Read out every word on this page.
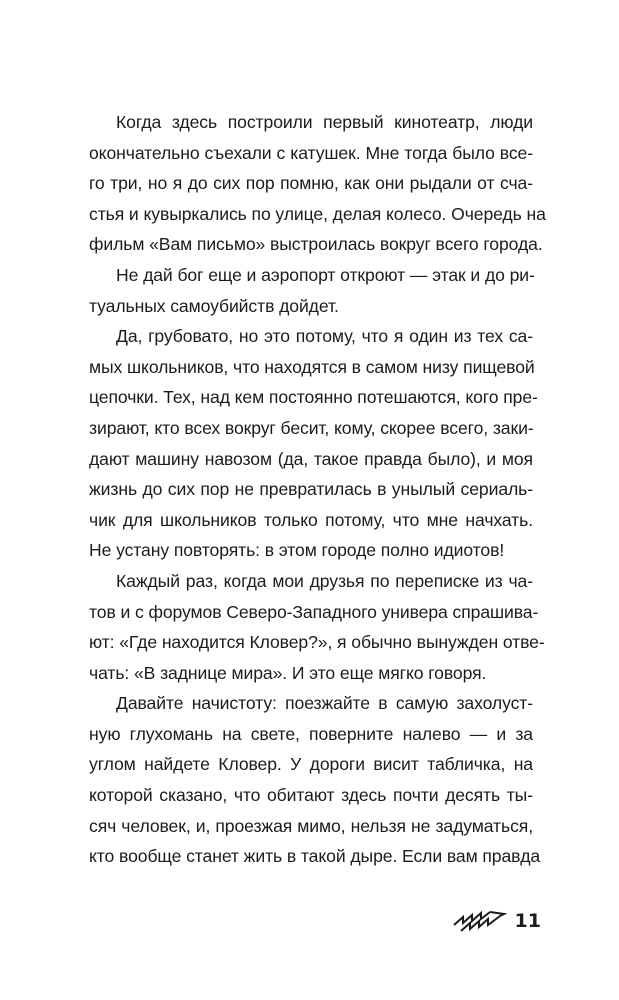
Когда здесь построили первый кинотеатр, люди
окончательно съехали с катушек. Мне тогда было все-
го три, но я до сих пор помню, как они рыдали от сча-
стья и кувыркались по улице, делая колесо. Очередь на
фильм «Вам письмо» выстроилась вокруг всего города.
Не дай бог еще и аэропорт откроют — этак и до ри-
туальных самоубийств дойдет.
Да, грубовато, но это потому, что я один из тех са-
мых школьников, что находятся в самом низу пищевой
цепочки. Тех, над кем постоянно потешаются, кого пре-
зирают, кто всех вокруг бесит, кому, скорее всего, заки-
дают машину навозом (да, такое правда было), и моя
жизнь до сих пор не превратилась в унылый сериаль-
чик для школьников только потому, что мне начхать.
Не устану повторять: в этом городе полно идиотов!
Каждый раз, когда мои друзья по переписке из ча-
тов и с форумов Северо-Западного универа спрашива-
ют: «Где находится Кловер?», я обычно вынужден отве-
чать: «В заднице мира». И это еще мягко говоря.
Давайте начистоту: поезжайте в самую захолуст-
ную глухомань на свете, поверните налево — и за
углом найдете Кловер. У дороги висит табличка, на
которой сказано, что обитают здесь почти десять ты-
сяч человек, и, проезжая мимо, нельзя не задуматься,
кто вообще станет жить в такой дыре. Если вам правда
11
